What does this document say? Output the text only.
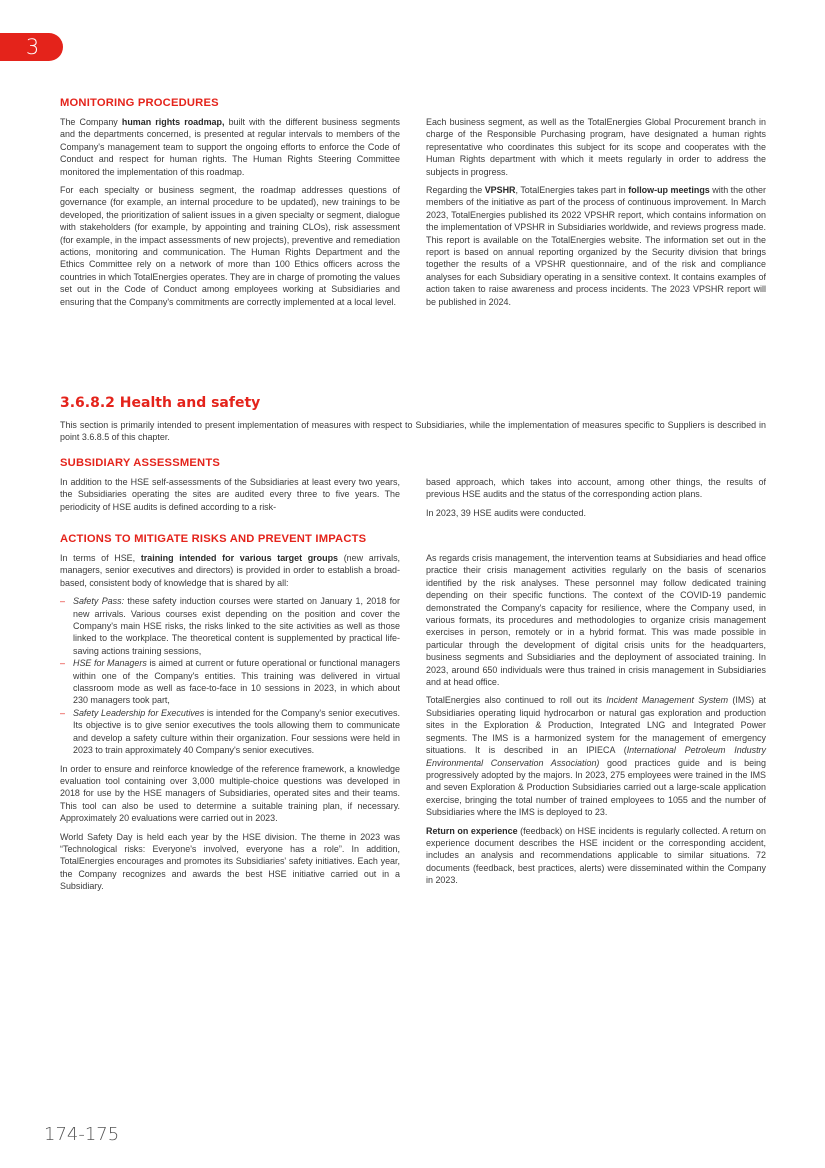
3
MONITORING PROCEDURES

The Company human rights roadmap, built with the different business segments and the departments concerned, is presented at regular intervals to members of the Company's management team to support the ongoing efforts to enforce the Code of Conduct and respect for human rights. The Human Rights Steering Committee monitored the implementation of this roadmap.

For each specialty or business segment, the roadmap addresses questions of governance (for example, an internal procedure to be updated), new trainings to be developed, the prioritization of salient issues in a given specialty or segment, dialogue with stakeholders (for example, by appointing and training CLOs), risk assessment (for example, in the impact assessments of new projects), preventive and remediation actions, monitoring and communication. The Human Rights Department and the Ethics Committee rely on a network of more than 100 Ethics officers across the countries in which TotalEnergies operates. They are in charge of promoting the values set out in the Code of Conduct among employees working at Subsidiaries and ensuring that the Company's commitments are correctly implemented at a local level.

Each business segment, as well as the TotalEnergies Global Procurement branch in charge of the Responsible Purchasing program, have designated a human rights representative who coordinates this subject for its scope and cooperates with the Human Rights department with which it meets regularly in order to address the subjects in progress.

Regarding the VPSHR, TotalEnergies takes part in follow-up meetings with the other members of the initiative as part of the process of continuous improvement. In March 2023, TotalEnergies published its 2022 VPSHR report, which contains information on the implementation of VPSHR in Subsidiaries worldwide, and reviews progress made. This report is available on the TotalEnergies website. The information set out in the report is based on annual reporting organized by the Security division that brings together the results of a VPSHR questionnaire, and of the risk and compliance analyses for each Subsidiary operating in a sensitive context. It contains examples of action taken to raise awareness and process incidents. The 2023 VPSHR report will be published in 2024.

3.6.8.2 Health and safety

This section is primarily intended to present implementation of measures with respect to Subsidiaries, while the implementation of measures specific to Suppliers is described in point 3.6.8.5 of this chapter.

SUBSIDIARY ASSESSMENTS

In addition to the HSE self-assessments of the Subsidiaries at least every two years, the Subsidiaries operating the sites are audited every three to five years. The periodicity of HSE audits is defined according to a risk-

based approach, which takes into account, among other things, the results of previous HSE audits and the status of the corresponding action plans.

In 2023, 39 HSE audits were conducted.

ACTIONS TO MITIGATE RISKS AND PREVENT IMPACTS

In terms of HSE, training intended for various target groups (new arrivals, managers, senior executives and directors) is provided in order to establish a broad-based, consistent body of knowledge that is shared by all:

– Safety Pass: these safety induction courses were started on January 1, 2018 for new arrivals. Various courses exist depending on the position and cover the Company's main HSE risks, the risks linked to the site activities as well as those linked to the workplace. The theoretical content is supplemented by practical life-saving actions training sessions,
– HSE for Managers is aimed at current or future operational or functional managers within one of the Company's entities. This training was delivered in virtual classroom mode as well as face-to-face in 10 sessions in 2023, in which about 230 managers took part,
– Safety Leadership for Executives is intended for the Company's senior executives. Its objective is to give senior executives the tools allowing them to communicate and develop a safety culture within their organization. Four sessions were held in 2023 to train approximately 40 Company's senior executives.

In order to ensure and reinforce knowledge of the reference framework, a knowledge evaluation tool containing over 3,000 multiple-choice questions was developed in 2018 for use by the HSE managers of Subsidiaries, operated sites and their teams. This tool can also be used to determine a suitable training plan, if necessary. Approximately 20 evaluations were carried out in 2023.

World Safety Day is held each year by the HSE division. The theme in 2023 was “Technological risks: Everyone's involved, everyone has a role”. In addition, TotalEnergies encourages and promotes its Subsidiaries' safety initiatives. Each year, the Company recognizes and awards the best HSE initiative carried out in a Subsidiary.

As regards crisis management, the intervention teams at Subsidiaries and head office practice their crisis management activities regularly on the basis of scenarios identified by the risk analyses. These personnel may follow dedicated training depending on their specific functions. The context of the COVID-19 pandemic demonstrated the Company's capacity for resilience, where the Company used, in various formats, its procedures and methodologies to organize crisis management exercises in person, remotely or in a hybrid format. This was made possible in particular through the development of digital crisis units for the headquarters, business segments and Subsidiaries and the deployment of associated training. In 2023, around 650 individuals were thus trained in crisis management in Subsidiaries and at head office.

TotalEnergies also continued to roll out its Incident Management System (IMS) at Subsidiaries operating liquid hydrocarbon or natural gas exploration and production sites in the Exploration & Production, Integrated LNG and Integrated Power segments. The IMS is a harmonized system for the management of emergency situations. It is described in an IPIECA (International Petroleum Industry Environmental Conservation Association) good practices guide and is being progressively adopted by the majors. In 2023, 275 employees were trained in the IMS and seven Exploration & Production Subsidiaries carried out a large-scale application exercise, bringing the total number of trained employees to 1055 and the number of Subsidiaries where the IMS is deployed to 23.

Return on experience (feedback) on HSE incidents is regularly collected. A return on experience document describes the HSE incident or the corresponding accident, includes an analysis and recommendations applicable to similar situations. 72 documents (feedback, best practices, alerts) were disseminated within the Company in 2023.

174-175
